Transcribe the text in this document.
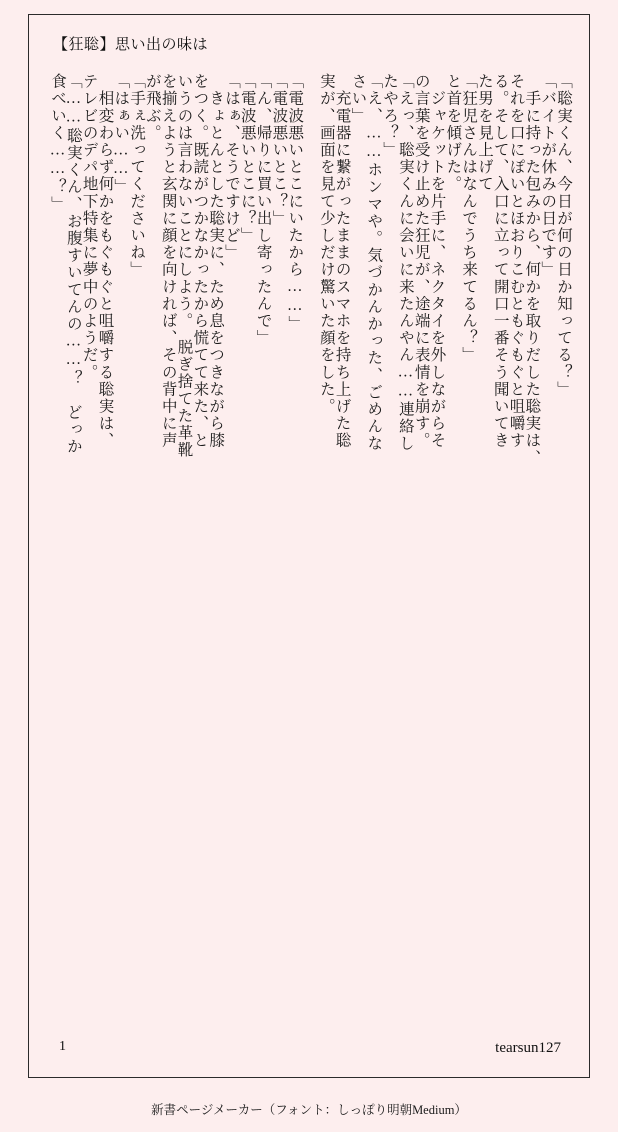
【狂聡】思い出の味は
「聡実くん、今日が何の日か知ってる？」
「バイトが休みの日です」
　手に持った包みから、何かを取りだした聡実は、
それを口にぽいとほおりこむともぐもぐと咀嚼す
る。そして、入口に立って開口一番そう聞いてき
た男を見上げて
「狂児さんはなんでうち来てるん？」
と首を傾げた。
　ジャケットを片手に、ネクタイを外しながらそ
の言葉を受け止めた狂児が、途端に表情を崩す。
「えっ、聡実くんに会いに来たんやん……連絡し
たやろ？」
「え、……ホンマや。気づかんかった、ごめんな
さい」
　充電器に繋がったままのスマホを持ち上げた聡
実が、画面を見て少しだけ驚いた顔をした。
「電波悪いとこにいたから……」
「電波悪いとこ？」
「ん、帰りに買い出し寄ったんで」
「電波悪いとこに？」
「はぁ、そうですけど」
　きょとんとした聡実に、ため息をつきながら膝
をつく。既読がつかなかったから慌てて来た、と
いうのは言わないことにしよう。　脱ぎ捨てた革靴
を揃えようと玄関に顔を向ければ、その背中に声
が飛ぶ。
「手ぇ洗ってくださいね」
「はぁい……」
　相変わらず何かをもぐもぐと咀嚼する聡実は、
テレビのデパ地下特集に夢中のようだ。
「……聡実くん、お腹すいてんの……？　どっか
食べいく……？」
1	tearsun127
新書ページメーカー（フォント：しっぽり明朝Medium）
